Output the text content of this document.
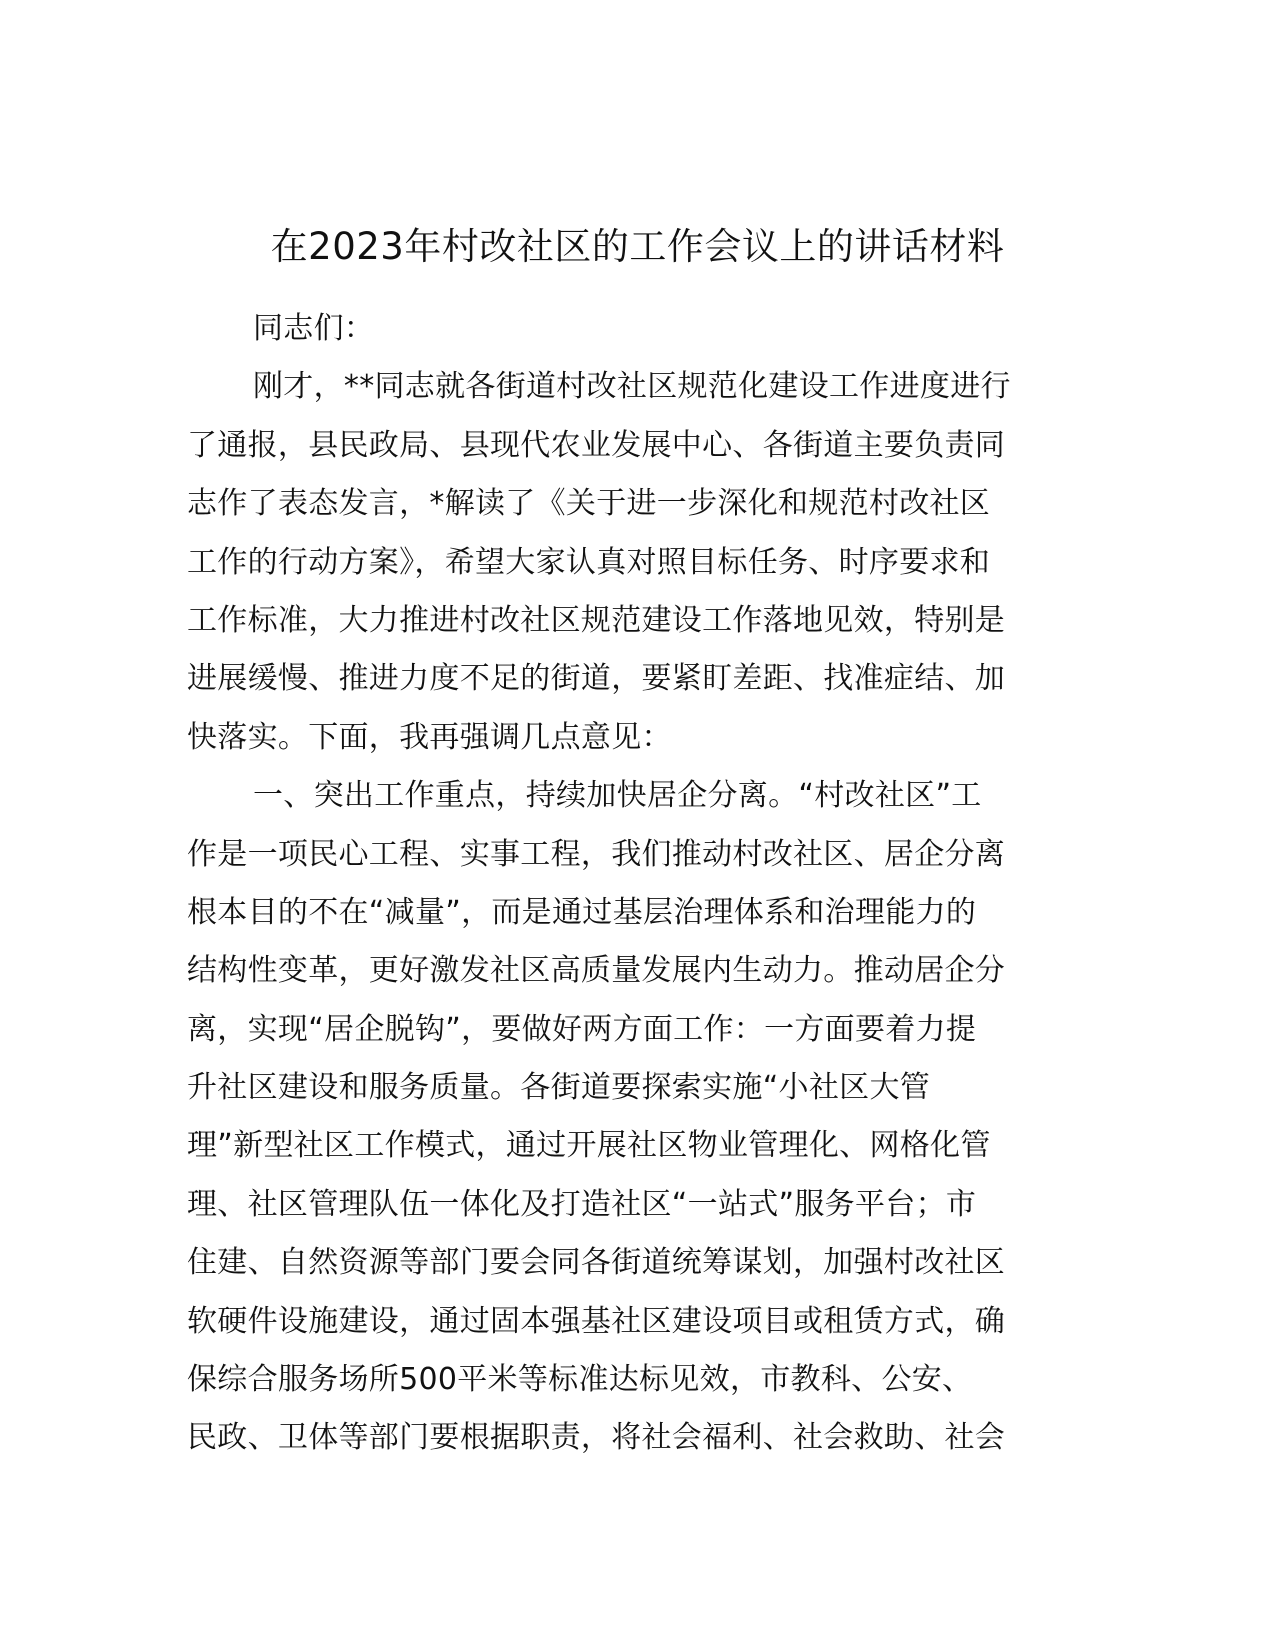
在2023年村改社区的工作会议上的讲话材料
同志们：
刚才，**同志就各街道村改社区规范化建设工作进度进行
了通报，县民政局、县现代农业发展中心、各街道主要负责同
志作了表态发言，*解读了《关于进一步深化和规范村改社区
工作的行动方案》，希望大家认真对照目标任务、时序要求和
工作标准，大力推进村改社区规范建设工作落地见效，特别是
进展缓慢、推进力度不足的街道，要紧盯差距、找准症结、加
快落实。下面，我再强调几点意见：
一、突出工作重点，持续加快居企分离。“村改社区”工
作是一项民心工程、实事工程，我们推动村改社区、居企分离
根本目的不在“减量”，而是通过基层治理体系和治理能力的
结构性变革，更好激发社区高质量发展内生动力。推动居企分
离，实现“居企脱钩”，要做好两方面工作：一方面要着力提
升社区建设和服务质量。各街道要探索实施“小社区大管
理”新型社区工作模式，通过开展社区物业管理化、网格化管
理、社区管理队伍一体化及打造社区“一站式”服务平台；市
住建、自然资源等部门要会同各街道统筹谋划，加强村改社区
软硬件设施建设，通过固本强基社区建设项目或租赁方式，确
保综合服务场所500平米等标准达标见效，市教科、公安、
民政、卫体等部门要根据职责，将社会福利、社会救助、社会
